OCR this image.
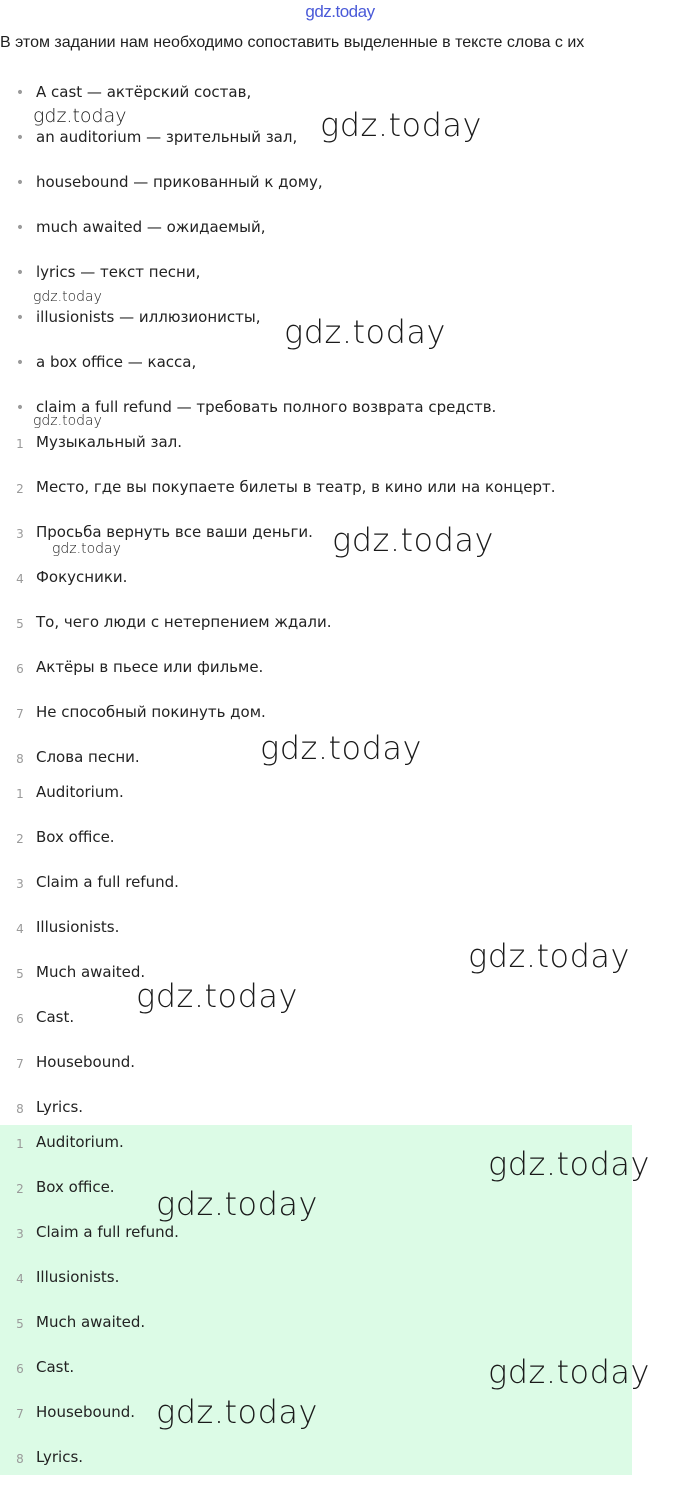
gdz.today
В этом задании нам необходимо сопоставить выделенные в тексте слова с их
• A cast — актёрский состав,
• an auditorium — зрительный зал,
• housebound — прикованный к дому,
• much awaited — ожидаемый,
• lyrics — текст песни,
• illusionists — иллюзионисты,
• a box office — касса,
• claim a full refund — требовать полного возврата средств.
1 Музыкальный зал.
2 Место, где вы покупаете билеты в театр, в кино или на концерт.
3 Просьба вернуть все ваши деньги.
4 Фокусники.
5 То, чего люди с нетерпением ждали.
6 Актёры в пьесе или фильме.
7 Не способный покинуть дом.
8 Слова песни.
1 Auditorium.
2 Box office.
3 Claim a full refund.
4 Illusionists.
5 Much awaited.
6 Cast.
7 Housebound.
8 Lyrics.
1 Auditorium.
2 Box office.
3 Claim a full refund.
4 Illusionists.
5 Much awaited.
6 Cast.
7 Housebound.
8 Lyrics.
gdz.today	gdz.today
gdz.today
gdz.today
gdz.today
gdz.today
gdz.today
gdz.today
gdz.today
gdz.today
gdz.today
gdz.today
gdz.today
gdz.today
